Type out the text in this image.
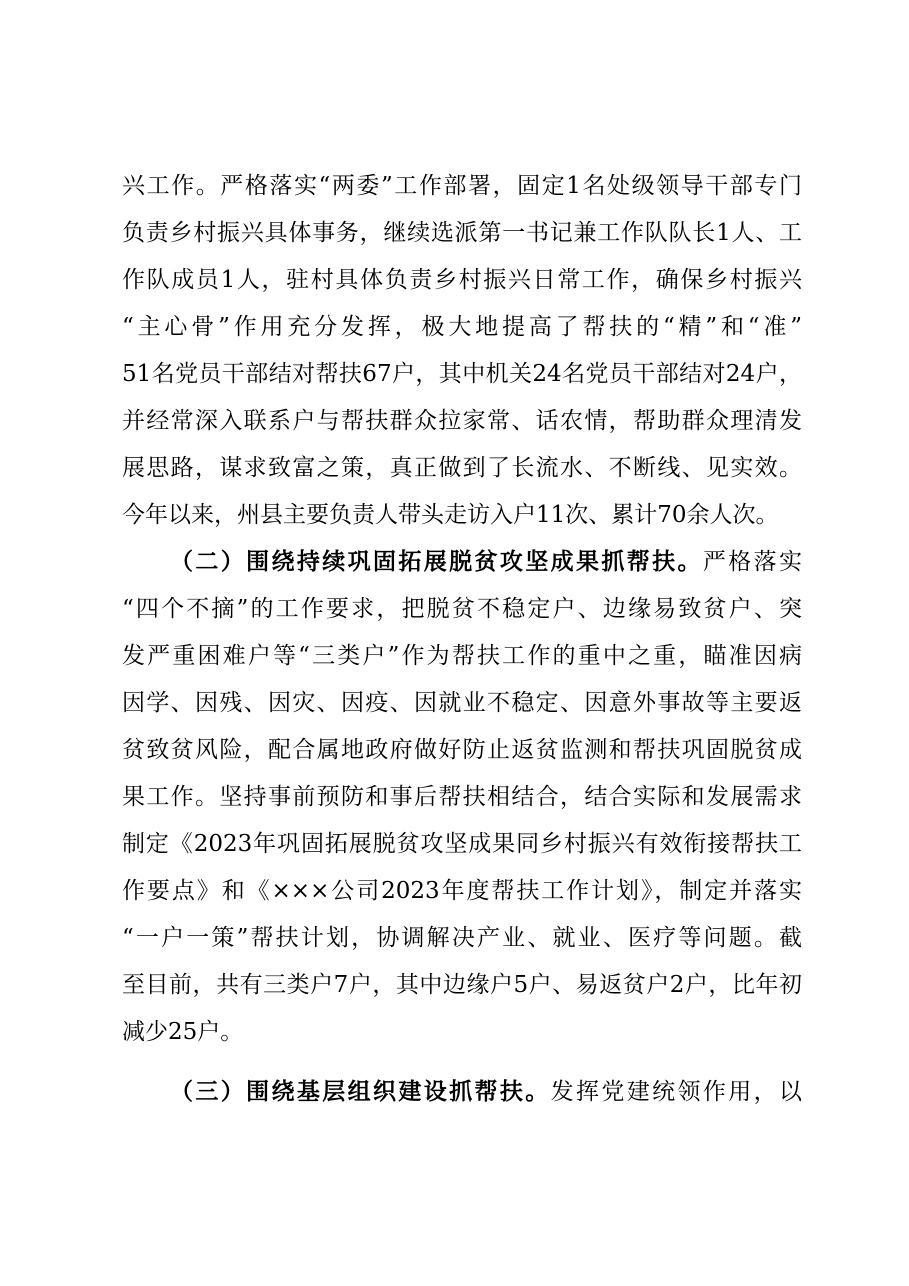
兴工作。严格落实“两委”工作部署，固定1名处级领导干部专门
负责乡村振兴具体事务，继续选派第一书记兼工作队队长1人、工
作队成员1人，驻村具体负责乡村振兴日常工作，确保乡村振兴
“主心骨”作用充分发挥，极大地提高了帮扶的“精”和“准”
51名党员干部结对帮扶67户，其中机关24名党员干部结对24户，
并经常深入联系户与帮扶群众拉家常、话农情，帮助群众理清发
展思路，谋求致富之策，真正做到了长流水、不断线、见实效。
今年以来，州县主要负责人带头走访入户11次、累计70余人次。
（二）围绕持续巩固拓展脱贫攻坚成果抓帮扶。严格落实
“四个不摘”的工作要求，把脱贫不稳定户、边缘易致贫户、突
发严重困难户等“三类户”作为帮扶工作的重中之重，瞄准因病
因学、因残、因灾、因疫、因就业不稳定、因意外事故等主要返
贫致贫风险，配合属地政府做好防止返贫监测和帮扶巩固脱贫成
果工作。坚持事前预防和事后帮扶相结合，结合实际和发展需求
制定《2023年巩固拓展脱贫攻坚成果同乡村振兴有效衔接帮扶工
作要点》和《×××公司2023年度帮扶工作计划》，制定并落实
“一户一策”帮扶计划，协调解决产业、就业、医疗等问题。截
至目前，共有三类户7户，其中边缘户5户、易返贫户2户，比年初
减少25户。
（三）围绕基层组织建设抓帮扶。发挥党建统领作用，以
